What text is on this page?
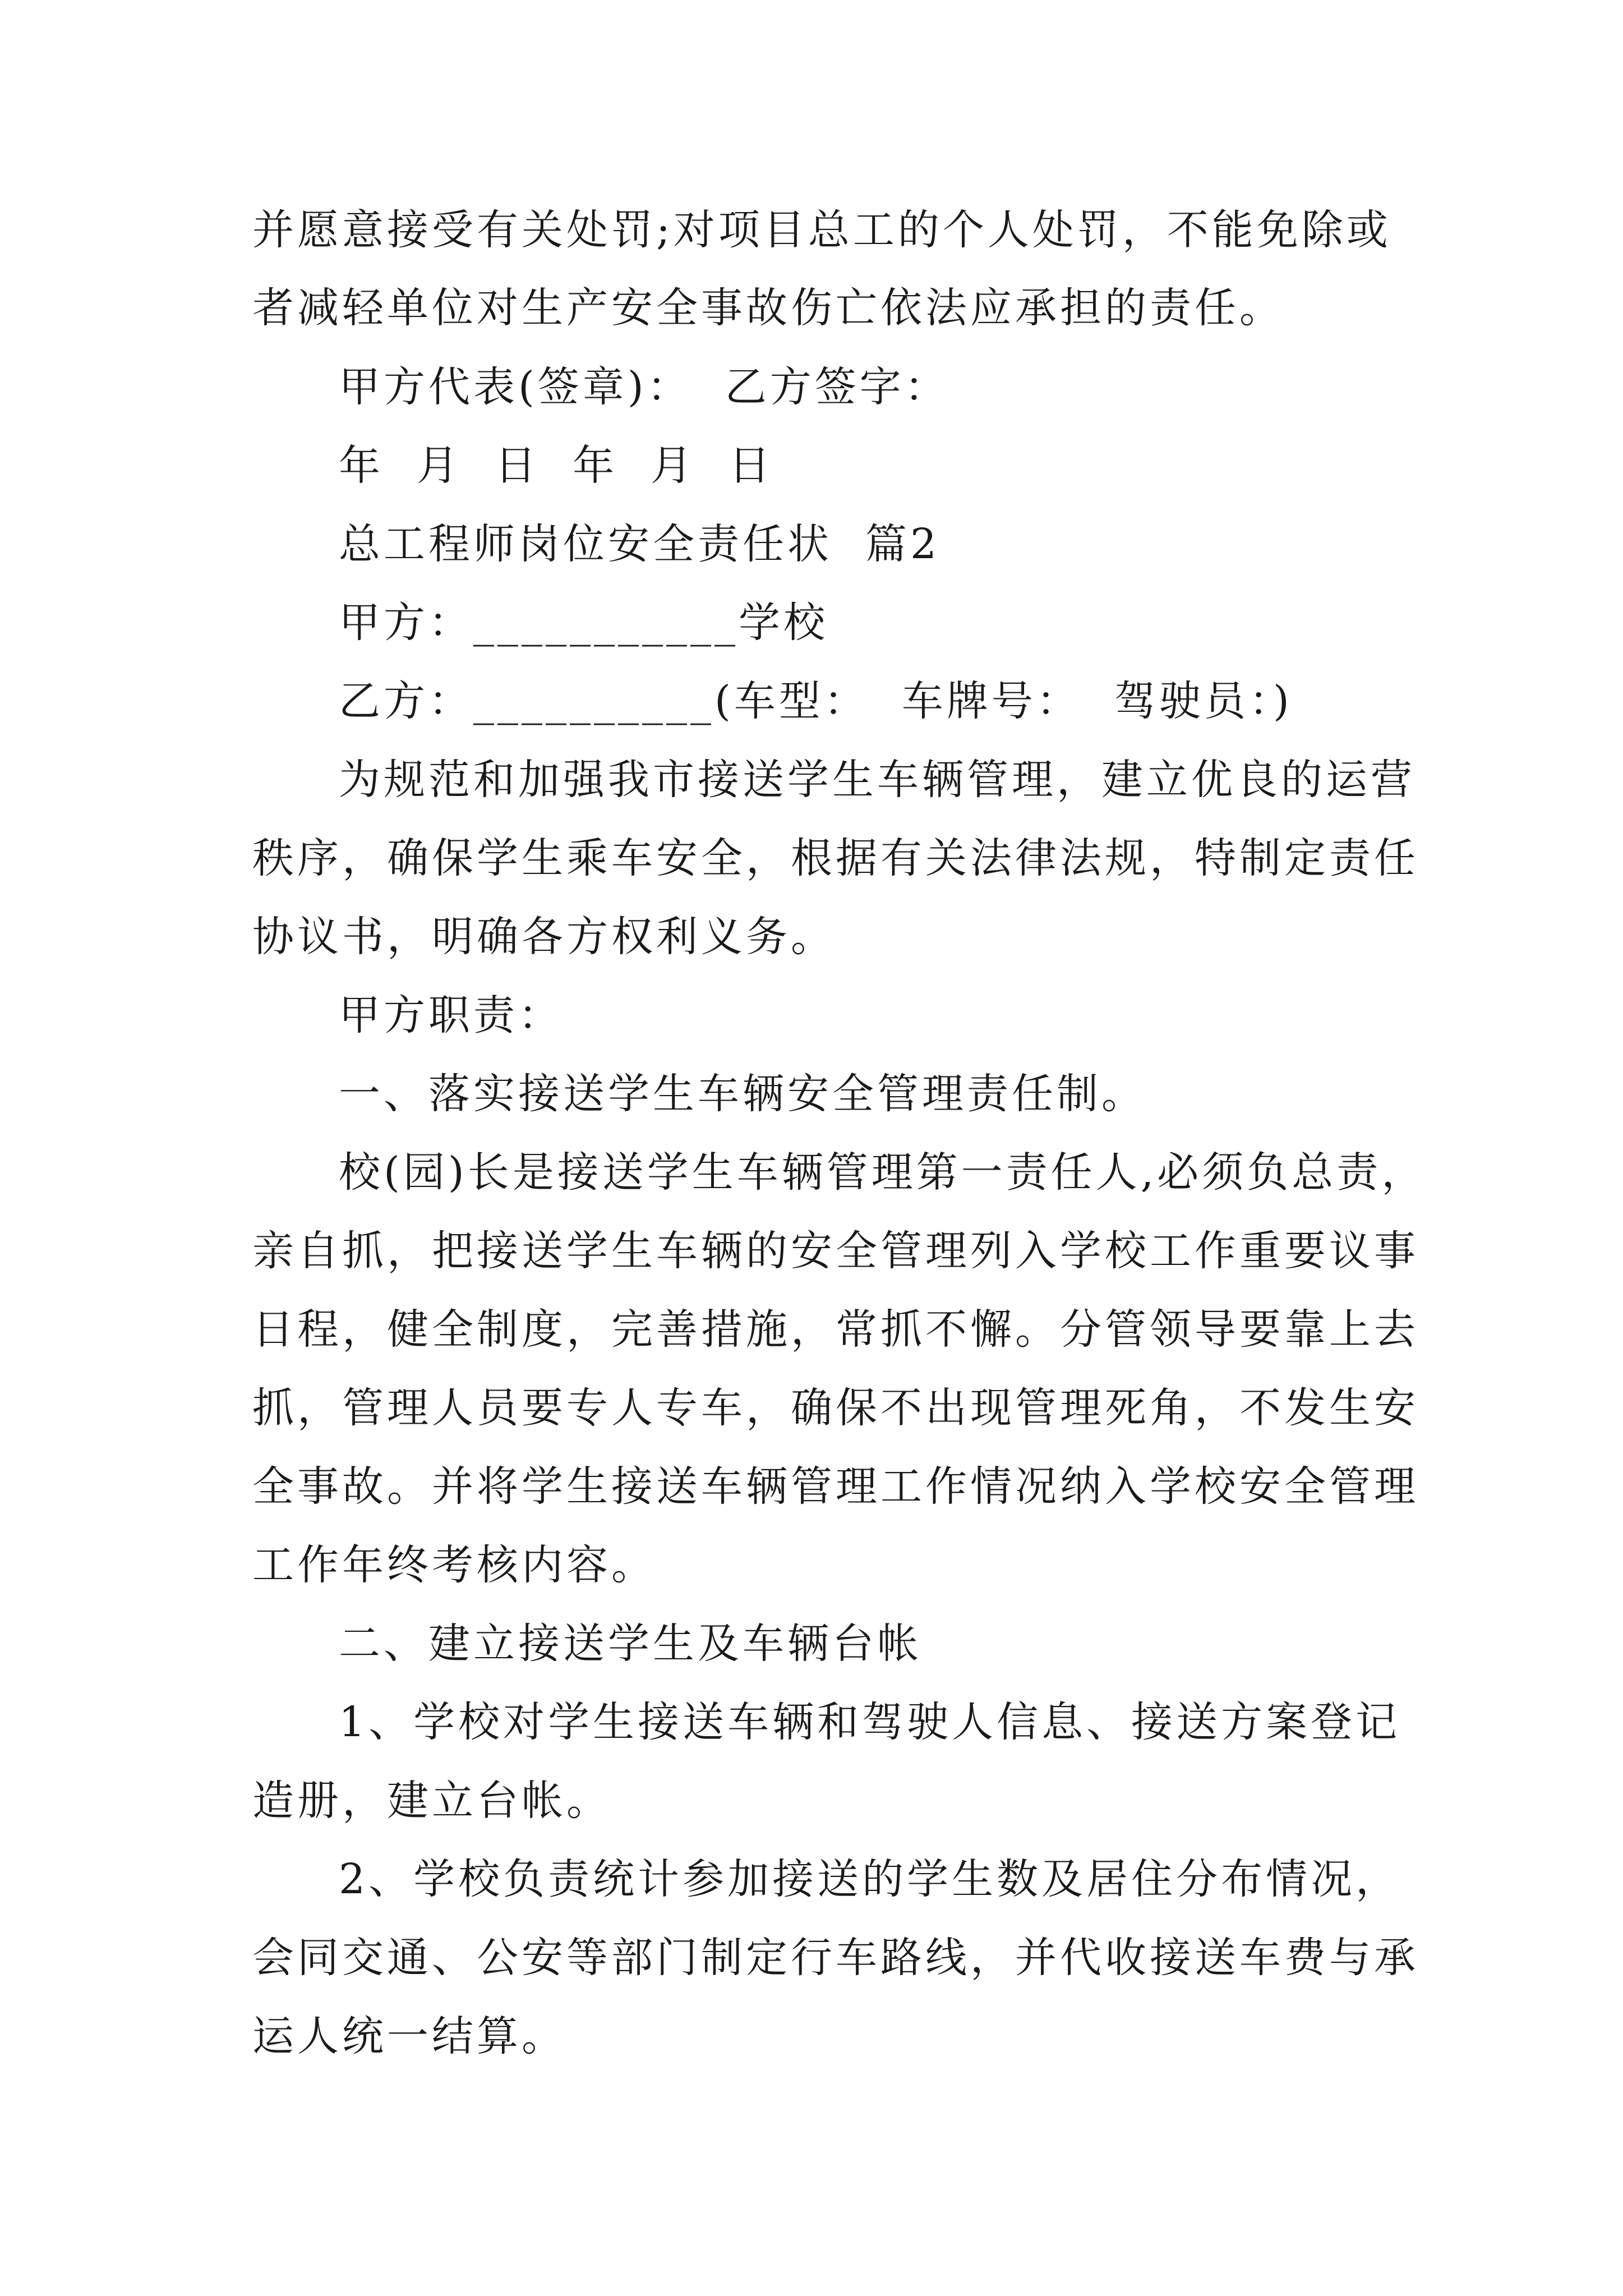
并愿意接受有关处罚;对项目总工的个人处罚，不能免除或
者减轻单位对生产安全事故伤亡依法应承担的责任。
甲方代表(签章)：  乙方签字：
年  月  日  年  月  日
总工程师岗位安全责任状  篇2
甲方：___________学校
乙方：__________(车型：  车牌号：  驾驶员：)
为规范和加强我市接送学生车辆管理，建立优良的运营
秩序，确保学生乘车安全，根据有关法律法规，特制定责任
协议书，明确各方权利义务。
甲方职责：
一、落实接送学生车辆安全管理责任制。
校(园)长是接送学生车辆管理第一责任人,必须负总责，
亲自抓，把接送学生车辆的安全管理列入学校工作重要议事
日程，健全制度，完善措施，常抓不懈。分管领导要靠上去
抓，管理人员要专人专车，确保不出现管理死角，不发生安
全事故。并将学生接送车辆管理工作情况纳入学校安全管理
工作年终考核内容。
二、建立接送学生及车辆台帐
1、学校对学生接送车辆和驾驶人信息、接送方案登记
造册，建立台帐。
2、学校负责统计参加接送的学生数及居住分布情况，
会同交通、公安等部门制定行车路线，并代收接送车费与承
运人统一结算。
